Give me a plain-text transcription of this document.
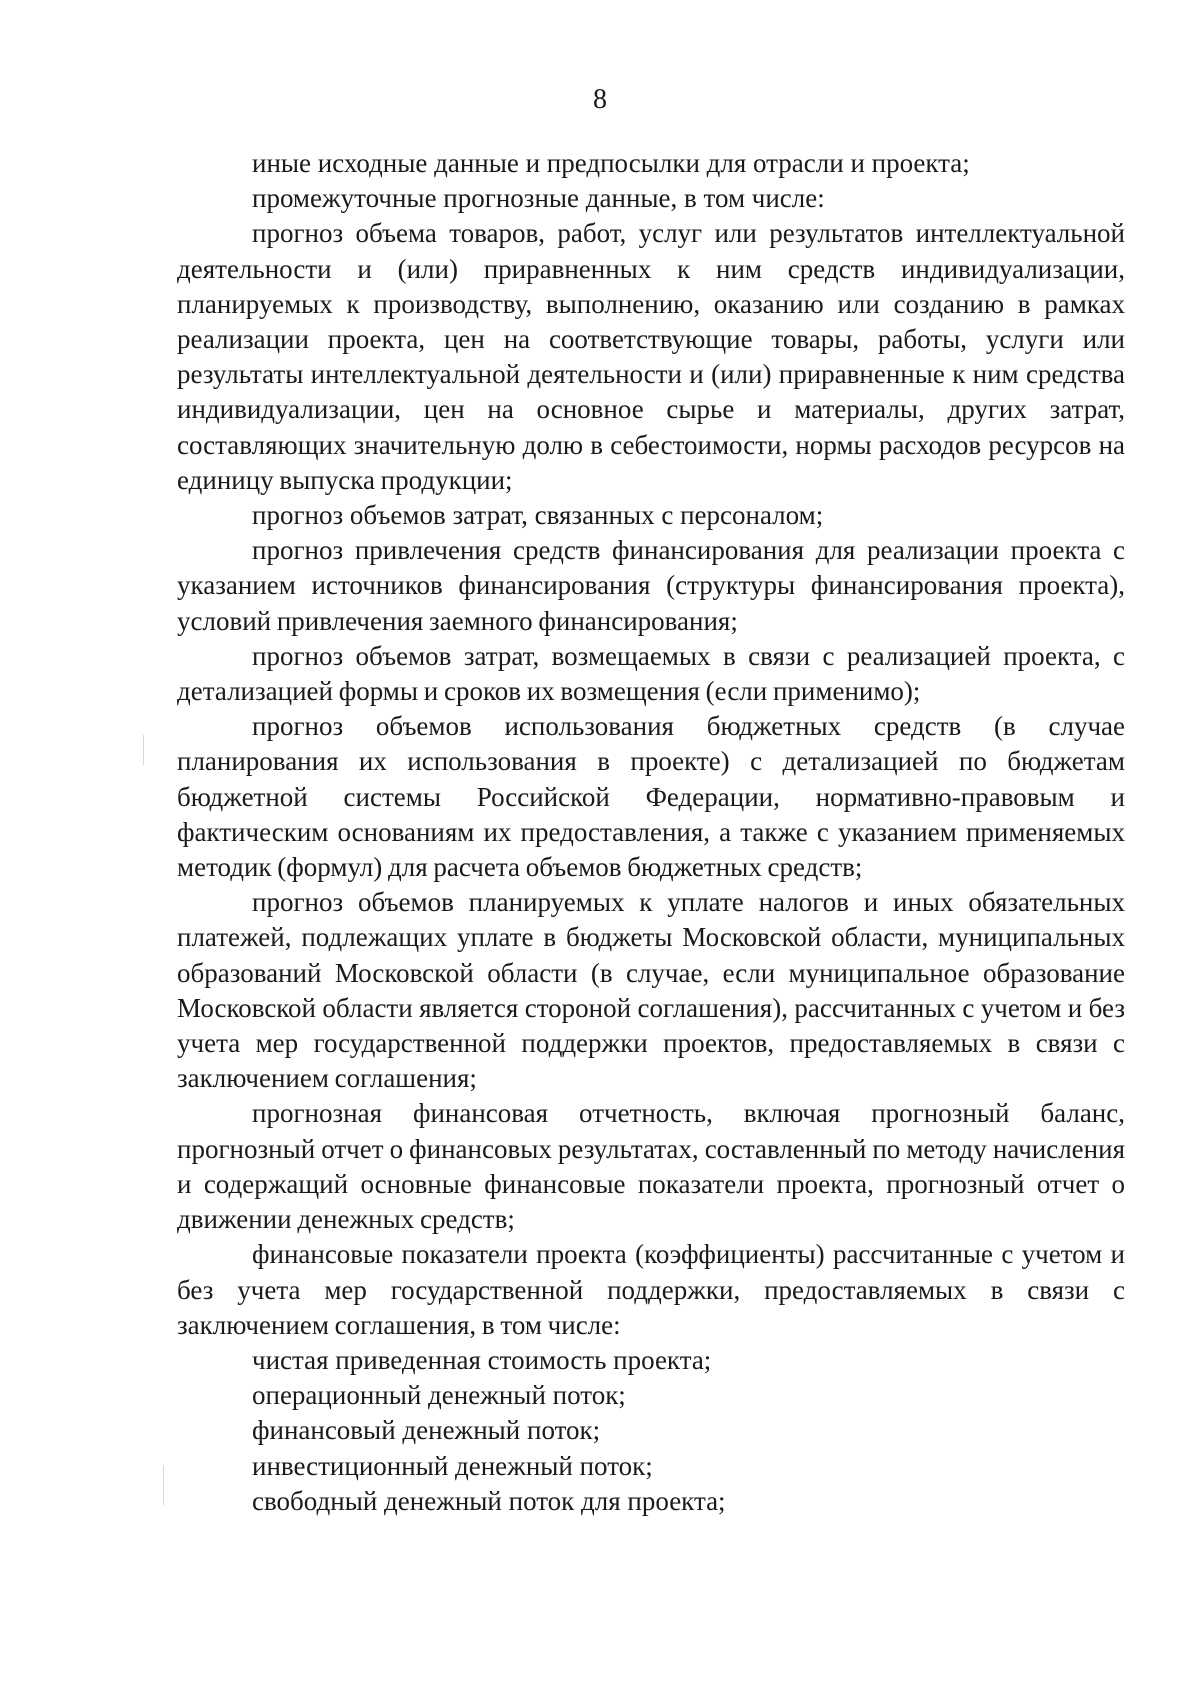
8

иные исходные данные и предпосылки для отрасли и проекта;

промежуточные прогнозные данные, в том числе:

прогноз объема товаров, работ, услуг или результатов интеллектуальной деятельности и (или) приравненных к ним средств индивидуализации, планируемых к производству, выполнению, оказанию или созданию в рамках реализации проекта, цен на соответствующие товары, работы, услуги или результаты интеллектуальной деятельности и (или) приравненные к ним средства индивидуализации, цен на основное сырье и материалы, других затрат, составляющих значительную долю в себестоимости, нормы расходов ресурсов на единицу выпуска продукции;

прогноз объемов затрат, связанных с персоналом;

прогноз привлечения средств финансирования для реализации проекта с указанием источников финансирования (структуры финансирования проекта), условий привлечения заемного финансирования;

прогноз объемов затрат, возмещаемых в связи с реализацией проекта, с детализацией формы и сроков их возмещения (если применимо);

прогноз объемов использования бюджетных средств (в случае планирования их использования в проекте) с детализацией по бюджетам бюджетной системы Российской Федерации, нормативно-правовым и фактическим основаниям их предоставления, а также с указанием применяемых методик (формул) для расчета объемов бюджетных средств;

прогноз объемов планируемых к уплате налогов и иных обязательных платежей, подлежащих уплате в бюджеты Московской области, муниципальных образований Московской области (в случае, если муниципальное образование Московской области является стороной соглашения), рассчитанных с учетом и без учета мер государственной поддержки проектов, предоставляемых в связи с заключением соглашения;

прогнозная финансовая отчетность, включая прогнозный баланс, прогнозный отчет о финансовых результатах, составленный по методу начисления и содержащий основные финансовые показатели проекта, прогнозный отчет о движении денежных средств;

финансовые показатели проекта (коэффициенты) рассчитанные с учетом и без учета мер государственной поддержки, предоставляемых в связи с заключением соглашения, в том числе:

чистая приведенная стоимость проекта;

операционный денежный поток;

финансовый денежный поток;

инвестиционный денежный поток;

свободный денежный поток для проекта;
